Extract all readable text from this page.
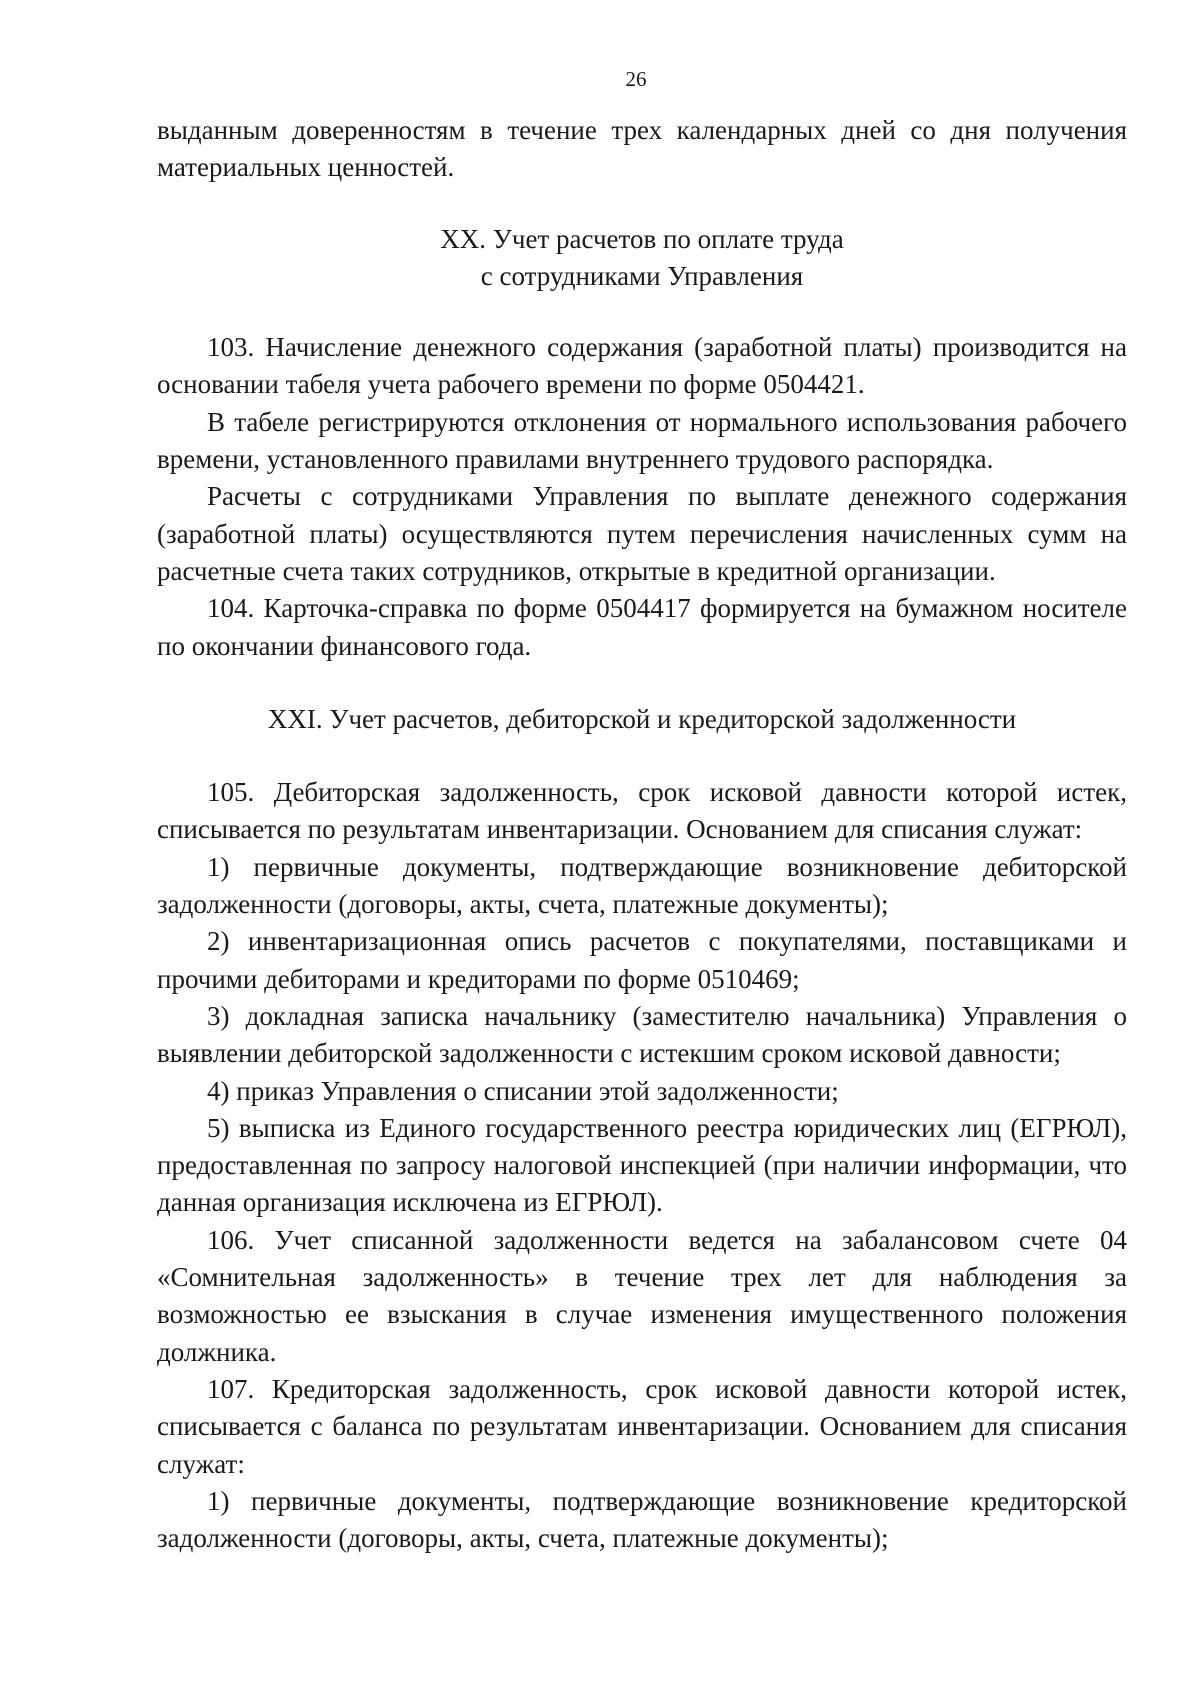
26

выданным доверенностям в течение трех календарных дней со дня получения материальных ценностей.

XX. Учет расчетов по оплате труда
с сотрудниками Управления

103. Начисление денежного содержания (заработной платы) производится на основании табеля учета рабочего времени по форме 0504421.

В табеле регистрируются отклонения от нормального использования рабочего времени, установленного правилами внутреннего трудового распорядка.

Расчеты с сотрудниками Управления по выплате денежного содержания (заработной платы) осуществляются путем перечисления начисленных сумм на расчетные счета таких сотрудников, открытые в кредитной организации.

104. Карточка-справка по форме 0504417 формируется на бумажном носителе по окончании финансового года.

XXI. Учет расчетов, дебиторской и кредиторской задолженности

105. Дебиторская задолженность, срок исковой давности которой истек, списывается по результатам инвентаризации. Основанием для списания служат:

1) первичные документы, подтверждающие возникновение дебиторской задолженности (договоры, акты, счета, платежные документы);

2) инвентаризационная опись расчетов с покупателями, поставщиками и прочими дебиторами и кредиторами по форме 0510469;

3) докладная записка начальнику (заместителю начальника) Управления о выявлении дебиторской задолженности с истекшим сроком исковой давности;

4) приказ Управления о списании этой задолженности;

5) выписка из Единого государственного реестра юридических лиц (ЕГРЮЛ), предоставленная по запросу налоговой инспекцией (при наличии информации, что данная организация исключена из ЕГРЮЛ).

106. Учет списанной задолженности ведется на забалансовом счете 04 «Сомнительная задолженность» в течение трех лет для наблюдения за возможностью ее взыскания в случае изменения имущественного положения должника.

107. Кредиторская задолженность, срок исковой давности которой истек, списывается с баланса по результатам инвентаризации. Основанием для списания служат:

1) первичные документы, подтверждающие возникновение кредиторской задолженности (договоры, акты, счета, платежные документы);
